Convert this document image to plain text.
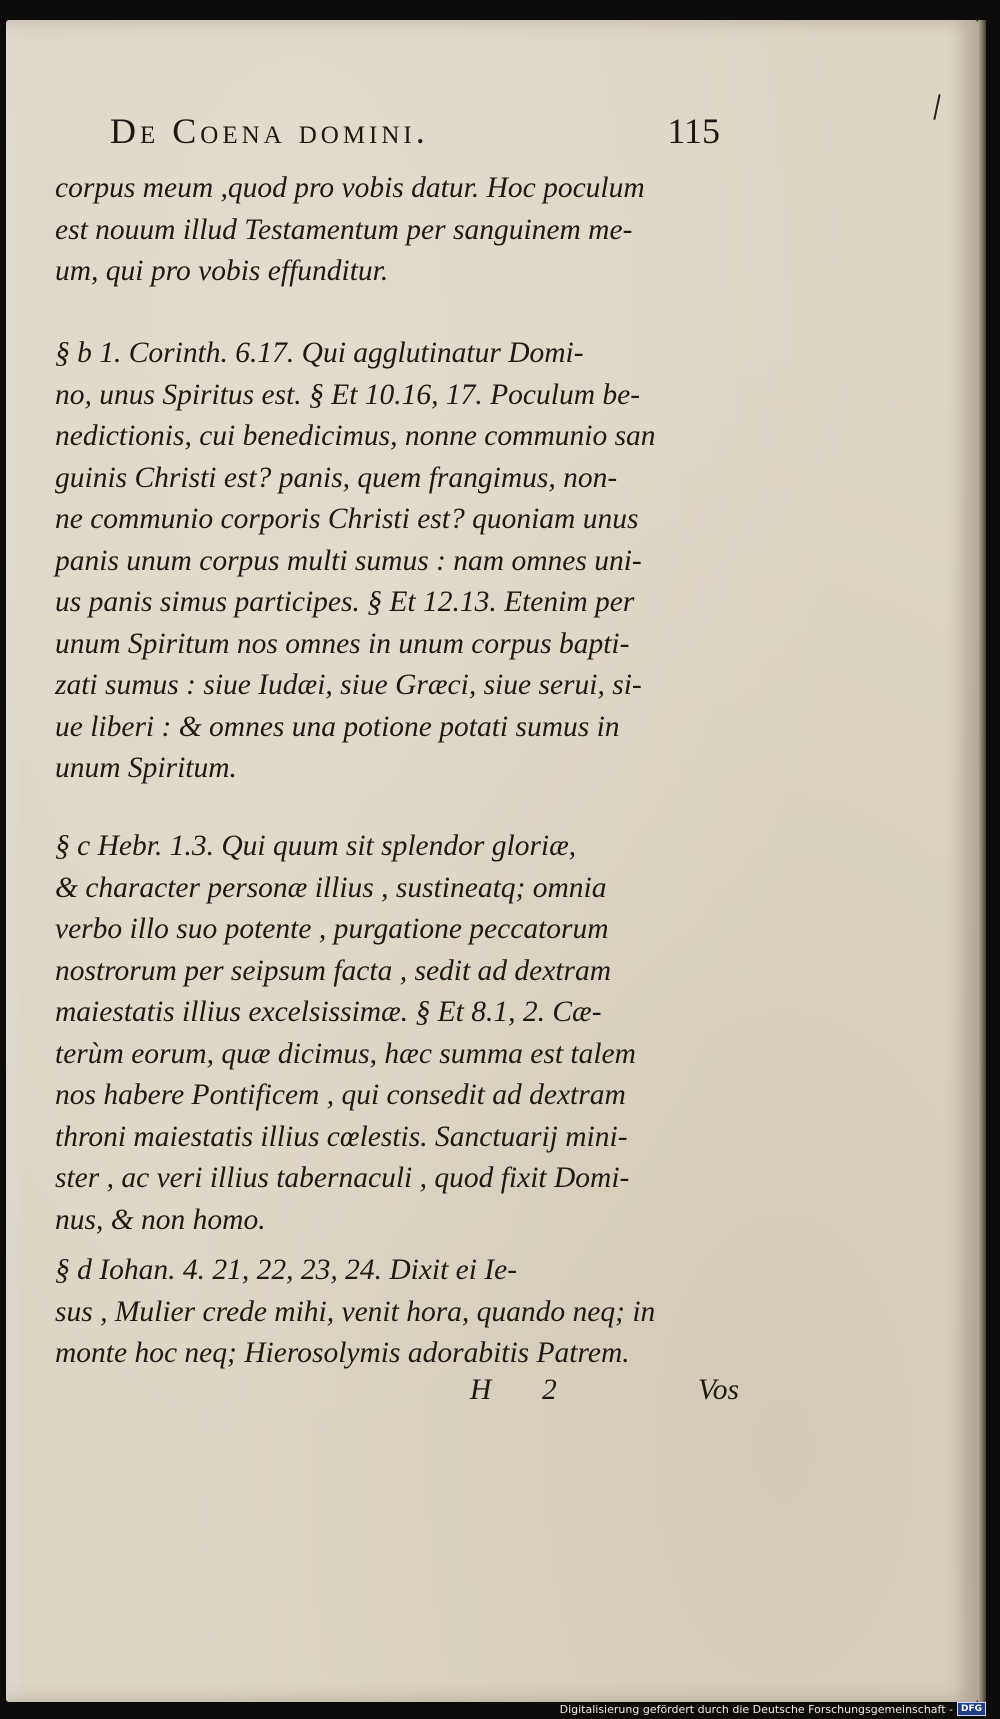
De Coena domini.	115
corpus meum ,quod pro vobis datur. Hoc poculum
est nouum illud Testamentum per sanguinem me-
um, qui pro vobis effunditur.
§ b 1. Corinth. 6.17. Qui agglutinatur Domi-
no, unus Spiritus est. § Et 10.16, 17. Poculum be-
nedictionis, cui benedicimus, nonne communio san
guinis Christi est? panis, quem frangimus, non-
ne communio corporis Christi est? quoniam unus
panis unum corpus multi sumus : nam omnes uni-
us panis simus participes. § Et 12.13. Etenim per
unum Spiritum nos omnes in unum corpus bapti-
zati sumus : siue Iudæi, siue Græci, siue serui, si-
ue liberi : & omnes una potione potati sumus in
unum Spiritum.
§ c Hebr. 1.3. Qui quum sit splendor gloriæ,
& character personæ illius , sustineatq; omnia
verbo illo suo potente , purgatione peccatorum
nostrorum per seipsum facta , sedit ad dextram
maiestatis illius excelsissimæ. § Et 8.1, 2. Cæ-
terùm eorum, quæ dicimus, hæc summa est talem
nos habere Pontificem , qui consedit ad dextram
throni maiestatis illius cœlestis. Sanctuarij mini-
ster , ac veri illius tabernaculi , quod fixit Domi-
nus, & non homo.
§ d Iohan. 4. 21, 22, 23, 24. Dixit ei Ie-
sus , Mulier crede mihi, venit hora, quando neq; in
monte hoc neq; Hierosolymis adorabitis Patrem.
H 2	Vos
Digitalisierung gefördert durch die Deutsche Forschungsgemeinschaft - DFG
